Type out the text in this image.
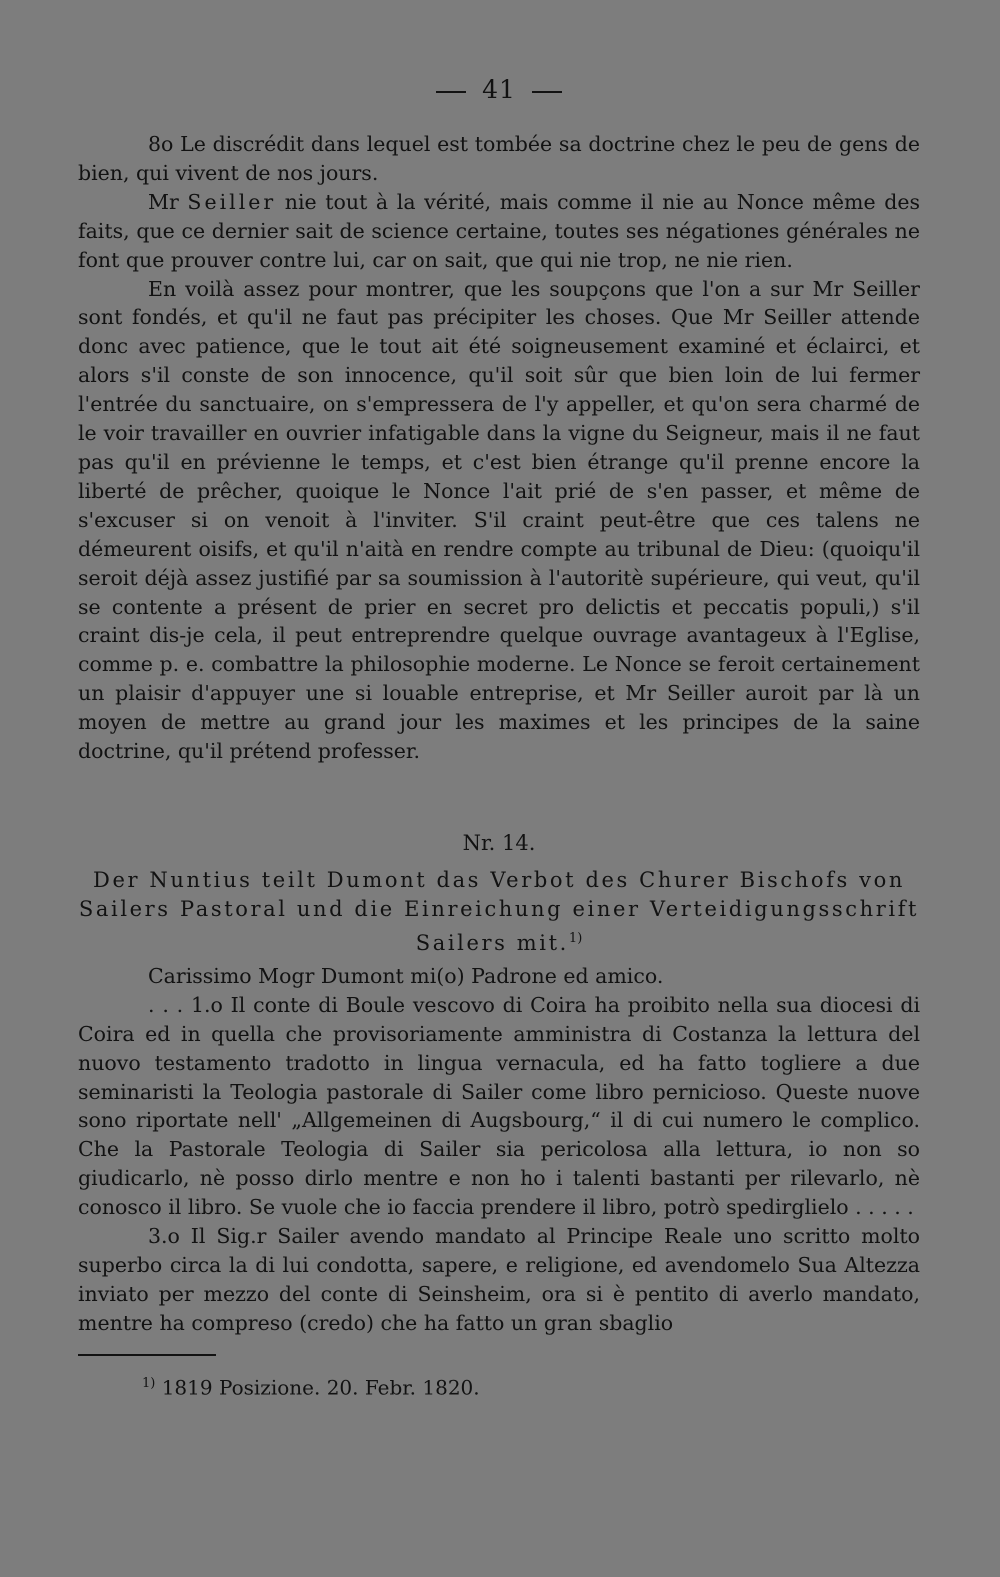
41

8o Le discrédit dans lequel est tombée sa doctrine chez le peu de gens de bien, qui vivent de nos jours.

Mr Seiller nie tout à la vérité, mais comme il nie au Nonce même des faits, que ce dernier sait de science certaine, toutes ses négationes générales ne font que prouver contre lui, car on sait, que qui nie trop, ne nie rien.

En voilà assez pour montrer, que les soupçons que l'on a sur Mr Seiller sont fondés, et qu'il ne faut pas précipiter les choses. Que Mr Seiller attende donc avec patience, que le tout ait été soigneusement examiné et éclairci, et alors s'il conste de son innocence, qu'il soit sûr que bien loin de lui fermer l'entrée du sanctuaire, on s'empressera de l'y appeller, et qu'on sera charmé de le voir travailler en ouvrier infatigable dans la vigne du Seigneur, mais il ne faut pas qu'il en prévienne le temps, et c'est bien étrange qu'il prenne encore la liberté de prêcher, quoique le Nonce l'ait prié de s'en passer, et même de s'excuser si on venoit à l'inviter. S'il craint peut-être que ces talens ne démeurent oisifs, et qu'il n'aità en rendre compte au tribunal de Dieu: (quoiqu'il seroit déjà assez justifié par sa soumission à l'autoritè supérieure, qui veut, qu'il se contente a présent de prier en secret pro delictis et peccatis populi,) s'il craint dis-je cela, il peut entreprendre quelque ouvrage avantageux à l'Eglise, comme p. e. combattre la philosophie moderne. Le Nonce se feroit certainement un plaisir d'appuyer une si louable entreprise, et Mr Seiller auroit par là un moyen de mettre au grand jour les maximes et les principes de la saine doctrine, qu'il prétend professer.

Nr. 14.
Der Nuntius teilt Dumont das Verbot des Churer Bischofs von Sailers Pastoral und die Einreichung einer Verteidigungsschrift Sailers mit.$^{1)}$

Carissimo Mogr Dumont mi(o) Padrone ed amico.

. . . 1.o Il conte di Boule vescovo di Coira ha proibito nella sua diocesi di Coira ed in quella che provisoriamente amministra di Costanza la lettura del nuovo testamento tradotto in lingua vernacula, ed ha fatto togliere a due seminaristi la Teologia pastorale di Sailer come libro pernicioso. Queste nuove sono riportate nell' „Allgemeinen di Augsbourg,“ il di cui numero le complico. Che la Pastorale Teologia di Sailer sia pericolosa alla lettura, io non so giudicarlo, nè posso dirlo mentre e non ho i talenti bastanti per rilevarlo, nè conosco il libro. Se vuole che io faccia prendere il libro, potrò spedirglielo . . . . .

3.o Il Sig.r Sailer avendo mandato al Principe Reale uno scritto molto superbo circa la di lui condotta, sapere, e religione, ed avendomelo Sua Altezza inviato per mezzo del conte di Seinsheim, ora si è pentito di averlo mandato, mentre ha compreso (credo) che ha fatto un gran sbaglio

$^{1)}$ 1819 Posizione. 20. Febr. 1820.
